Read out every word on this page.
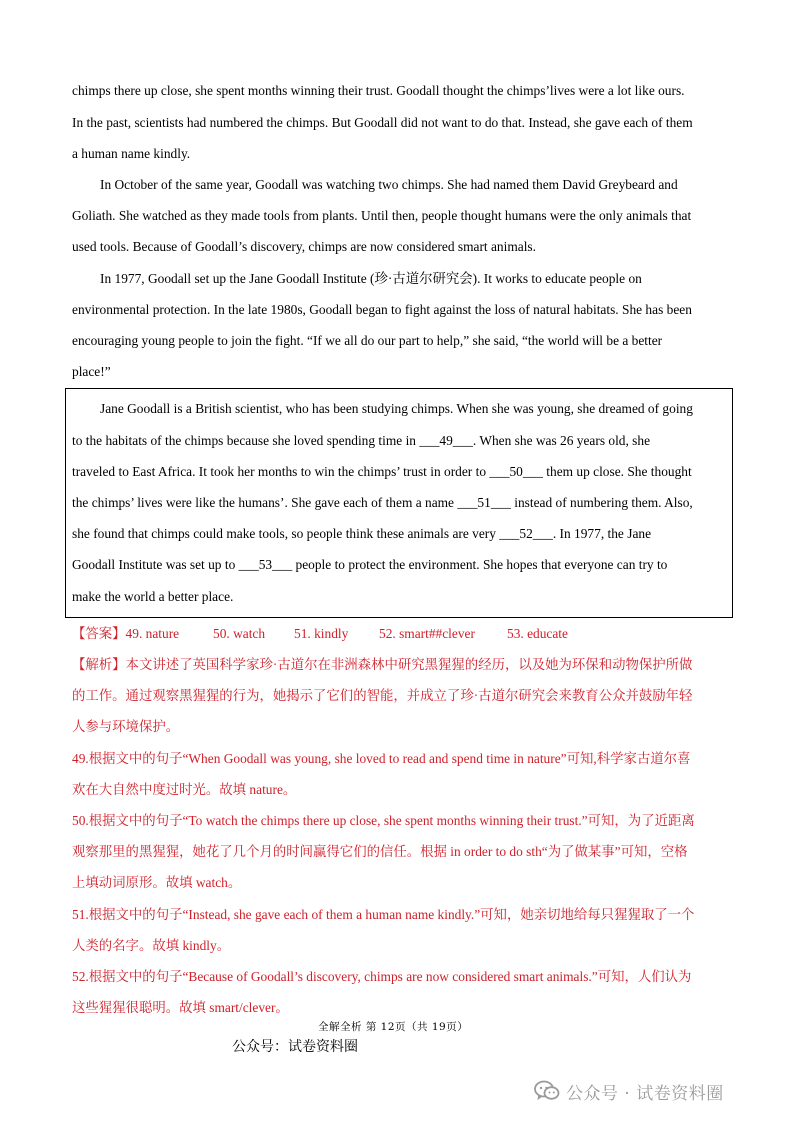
chimps there up close, she spent months winning their trust. Goodall thought the chimps’lives were a lot like ours.
In the past, scientists had numbered the chimps. But Goodall did not want to do that. Instead, she gave each of them
a human name kindly.
In October of the same year, Goodall was watching two chimps. She had named them David Greybeard and
Goliath. She watched as they made tools from plants. Until then, people thought humans were the only animals that
used tools. Because of Goodall’s discovery, chimps are now considered smart animals.
In 1977, Goodall set up the Jane Goodall Institute (珍·古道尔研究会). It works to educate people on
environmental protection. In the late 1980s, Goodall began to fight against the loss of natural habitats. She has been
encouraging young people to join the fight. “If we all do our part to help,” she said, “the world will be a better
place!”
Jane Goodall is a British scientist, who has been studying chimps. When she was young, she dreamed of going
to the habitats of the chimps because she loved spending time in ___49___. When she was 26 years old, she
traveled to East Africa. It took her months to win the chimps’ trust in order to ___50___ them up close. She thought
the chimps’ lives were like the humans’. She gave each of them a name ___51___ instead of numbering them. Also,
she found that chimps could make tools, so people think these animals are very ___52___. In 1977, the Jane
Goodall Institute was set up to ___53___ people to protect the environment. She hopes that everyone can try to
make the world a better place.
【答案】49. nature	50. watch 51. kindly 52. smart##clever 53. educate
【解析】本文讲述了英国科学家珍·古道尔在非洲森林中研究黑猩猩的经历，以及她为环保和动物保护所做
的工作。通过观察黑猩猩的行为，她揭示了它们的智能，并成立了珍·古道尔研究会来教育公众并鼓励年轻
人参与环境保护。
49.根据文中的句子“When Goodall was young, she loved to read and spend time in nature”可知,科学家古道尔喜
欢在大自然中度过时光。故填 nature。
50.根据文中的句子“To watch the chimps there up close, she spent months winning their trust.”可知，为了近距离
观察那里的黑猩猩，她花了几个月的时间赢得它们的信任。根据 in order to do sth“为了做某事”可知，空格
上填动词原形。故填 watch。
51.根据文中的句子“Instead, she gave each of them a human name kindly.”可知，她亲切地给每只猩猩取了一个
人类的名字。故填 kindly。
52.根据文中的句子“Because of Goodall’s discovery, chimps are now considered smart animals.”可知，人们认为
这些猩猩很聪明。故填 smart/clever。
全解全析 第 12页（共 19页）
公众号：试卷资料圈
公众号 · 试卷资料圈
